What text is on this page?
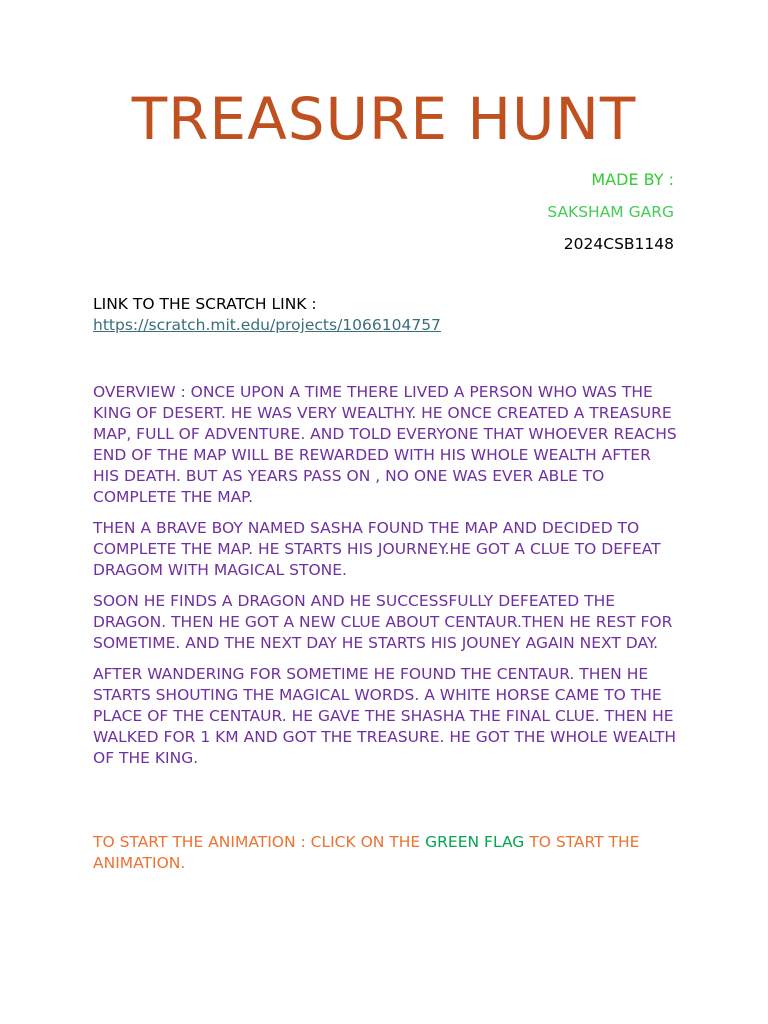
TREASURE HUNT
MADE BY :
SAKSHAM GARG
2024CSB1148
LINK TO THE SCRATCH LINK :
https://scratch.mit.edu/projects/1066104757

OVERVIEW : ONCE UPON A TIME THERE LIVED A PERSON WHO WAS THE KING OF DESERT. HE WAS VERY WEALTHY. HE ONCE CREATED A TREASURE MAP, FULL OF ADVENTURE. AND TOLD EVERYONE THAT WHOEVER REACHS END OF THE MAP WILL BE REWARDED WITH HIS WHOLE WEALTH AFTER HIS DEATH. BUT AS YEARS PASS ON , NO ONE WAS EVER ABLE TO COMPLETE THE MAP.

THEN A BRAVE BOY NAMED SASHA FOUND THE MAP AND DECIDED TO COMPLETE THE MAP. HE STARTS HIS JOURNEY.HE GOT A CLUE TO DEFEAT DRAGOM WITH MAGICAL STONE.

SOON HE FINDS A DRAGON AND HE SUCCESSFULLY DEFEATED THE DRAGON. THEN HE GOT A NEW CLUE ABOUT CENTAUR.THEN HE REST FOR SOMETIME. AND THE NEXT DAY HE STARTS HIS JOUNEY AGAIN NEXT DAY.

AFTER WANDERING FOR SOMETIME HE FOUND THE CENTAUR. THEN HE STARTS SHOUTING THE MAGICAL WORDS. A WHITE HORSE CAME TO THE PLACE OF THE CENTAUR. HE GAVE THE SHASHA THE FINAL CLUE. THEN HE WALKED FOR 1 KM AND GOT THE TREASURE. HE GOT THE WHOLE WEALTH OF THE KING.

TO START THE ANIMATION : CLICK ON THE GREEN FLAG TO START THE ANIMATION.
